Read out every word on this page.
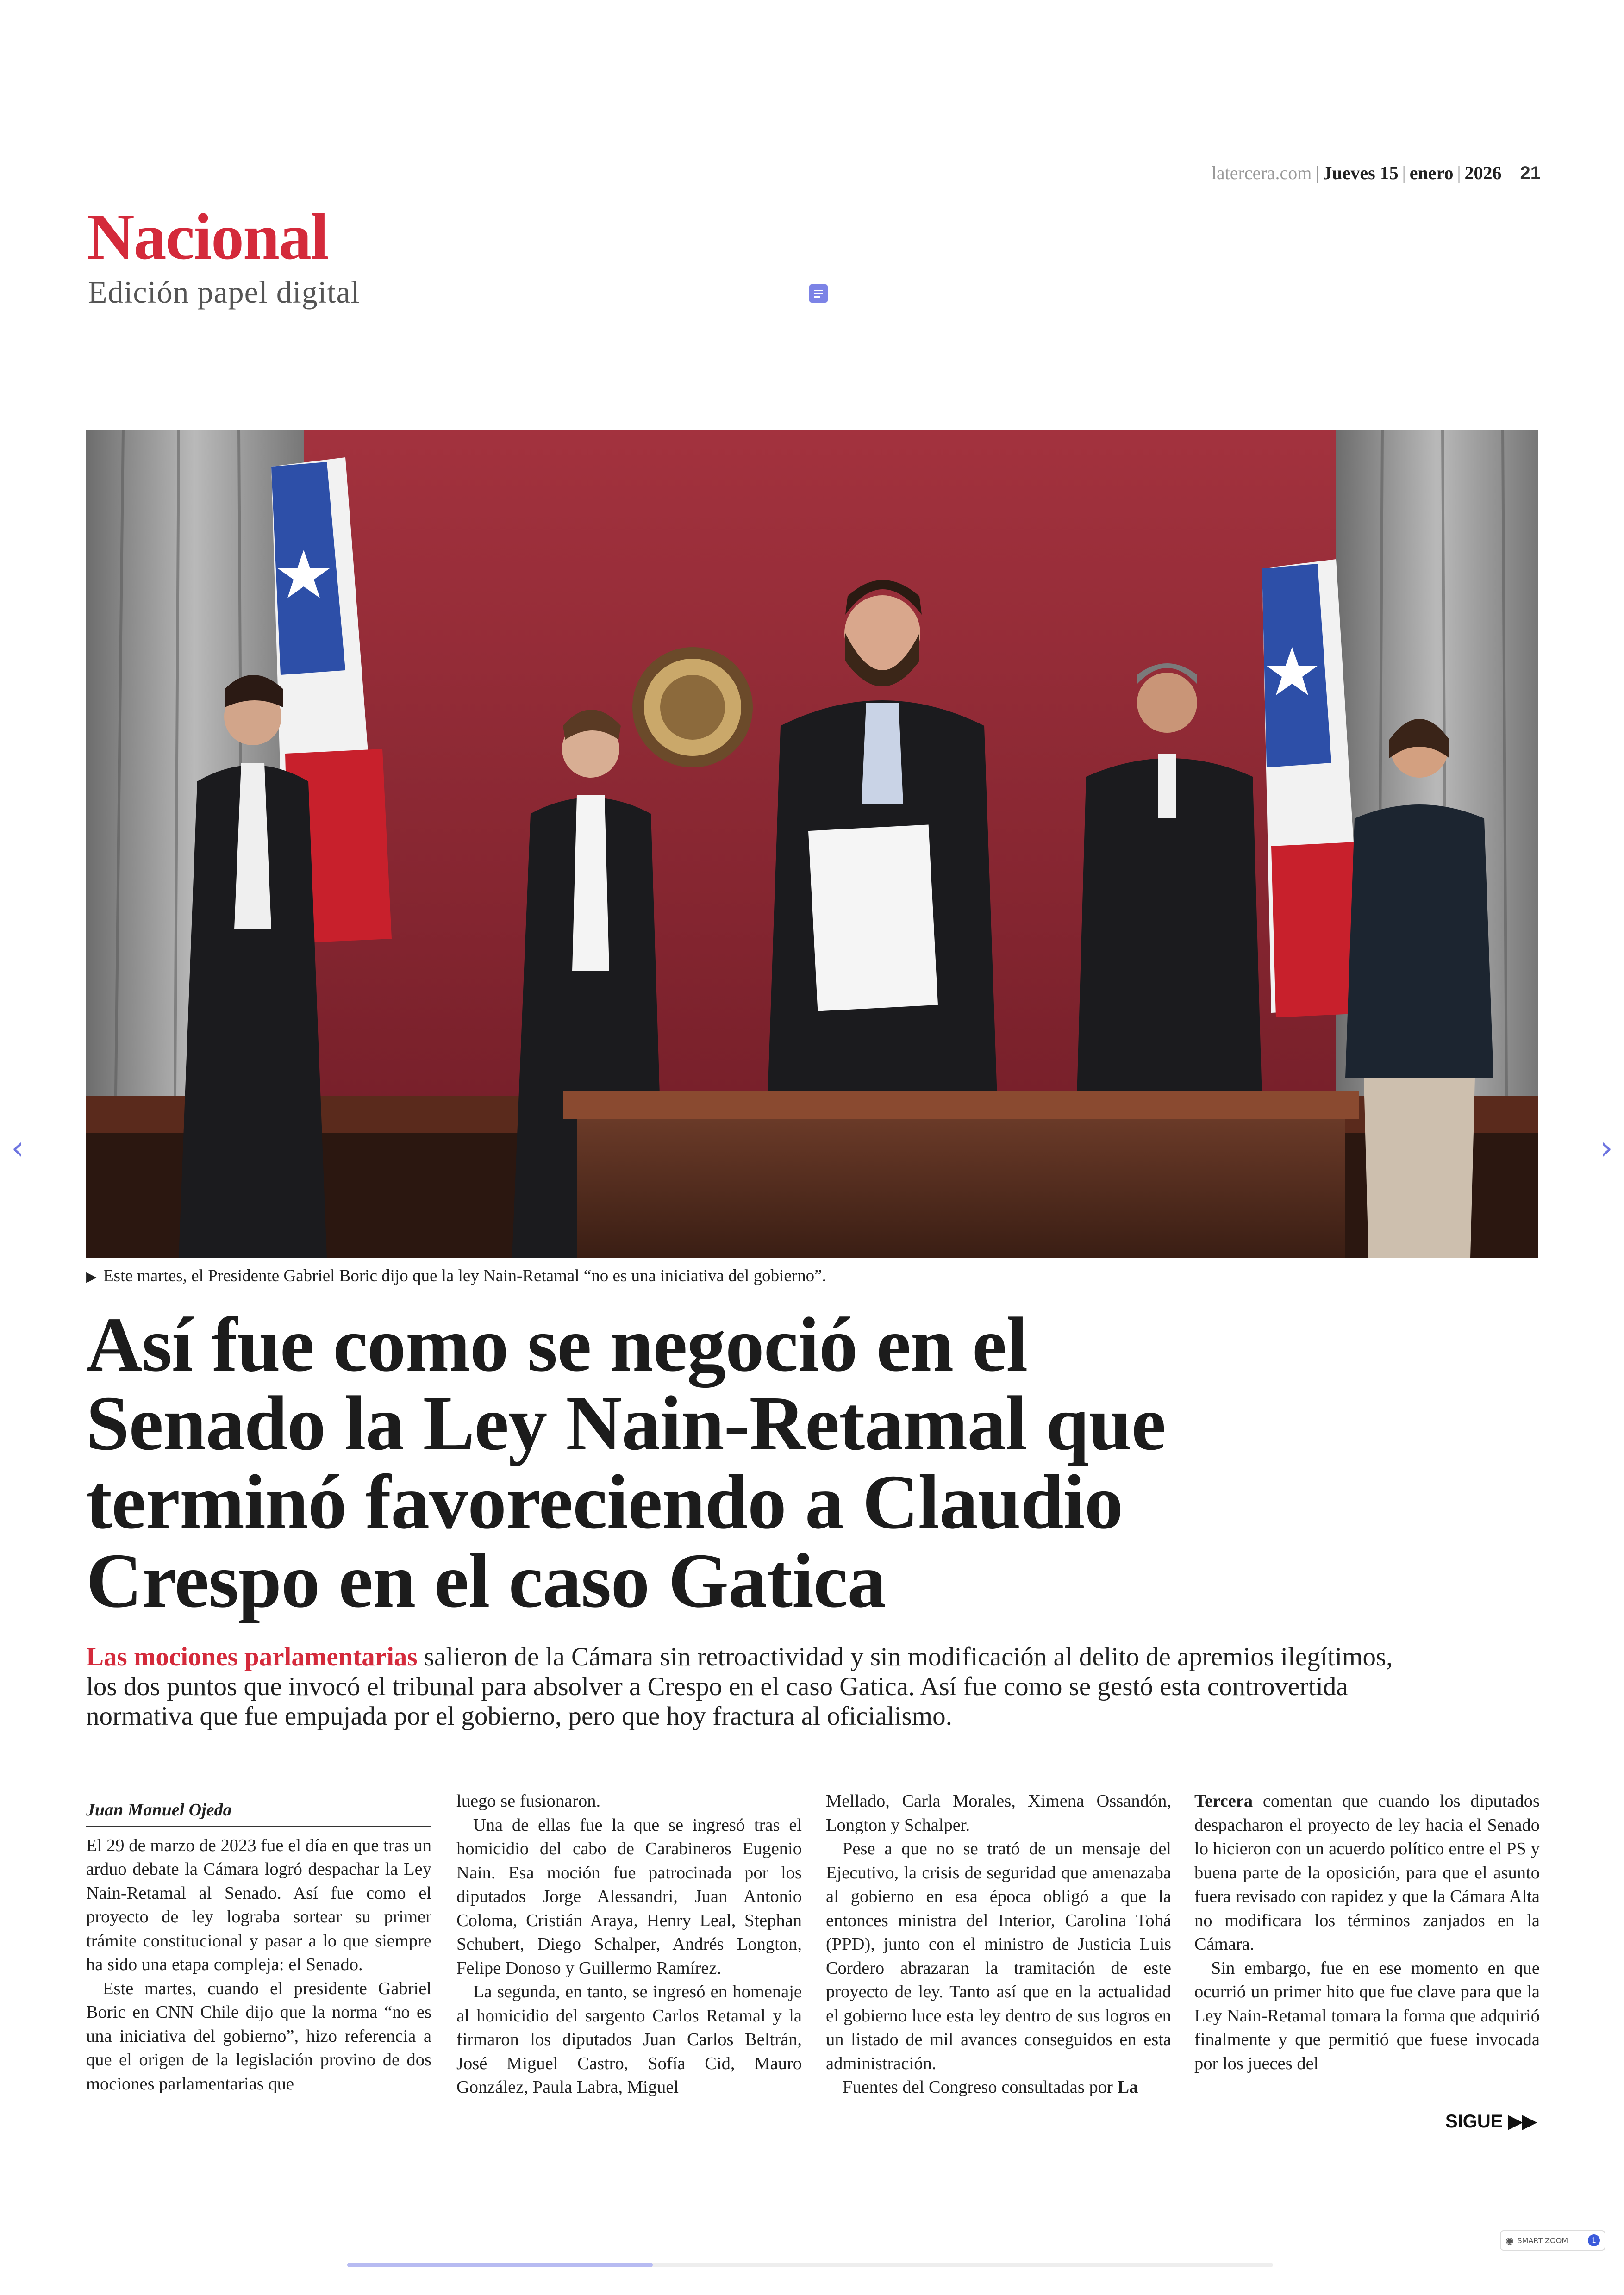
latercera.com | Jueves 15 | enero | 2026 21
Nacional
Edición papel digital
▶ Este martes, el Presidente Gabriel Boric dijo que la ley Nain-Retamal “no es una iniciativa del gobierno”.
‹	›
Así fue como se negoció en el
Senado la Ley Nain-Retamal que
terminó favoreciendo a Claudio
Crespo en el caso Gatica
Las mociones parlamentarias salieron de la Cámara sin retroactividad y sin modificación al delito de apremios ilegítimos, los dos puntos que invocó el tribunal para absolver a Crespo en el caso Gatica. Así fue como se gestó esta controvertida normativa que fue empujada por el gobierno, pero que hoy fractura al oficialismo.
Juan Manuel Ojeda

El 29 de marzo de 2023 fue el día en que tras un arduo debate la Cámara logró despachar la Ley Nain-Retamal al Senado. Así fue como el proyecto de ley lograba sortear su primer trámite constitucional y pasar a lo que siempre ha sido una etapa compleja: el Senado.

Este martes, cuando el presidente Gabriel Boric en CNN Chile dijo que la norma “no es una iniciativa del gobierno”, hizo referencia a que el origen de la legislación provino de dos mociones parlamentarias que

luego se fusionaron.

Una de ellas fue la que se ingresó tras el homicidio del cabo de Carabineros Eugenio Nain. Esa moción fue patrocinada por los diputados Jorge Alessandri, Juan Antonio Coloma, Cristián Araya, Henry Leal, Stephan Schubert, Diego Schalper, Andrés Longton, Felipe Donoso y Guillermo Ramírez.

La segunda, en tanto, se ingresó en homenaje al homicidio del sargento Carlos Retamal y la firmaron los diputados Juan Carlos Beltrán, José Miguel Castro, Sofía Cid, Mauro González, Paula Labra, Miguel

Mellado, Carla Morales, Ximena Ossandón, Longton y Schalper.

Pese a que no se trató de un mensaje del Ejecutivo, la crisis de seguridad que amenazaba al gobierno en esa época obligó a que la entonces ministra del Interior, Carolina Tohá (PPD), junto con el ministro de Justicia Luis Cordero abrazaran la tramitación de este proyecto de ley. Tanto así que en la actualidad el gobierno luce esta ley dentro de sus logros en un listado de mil avances conseguidos en esta administración.

Fuentes del Congreso consultadas por La

Tercera comentan que cuando los diputados despacharon el proyecto de ley hacia el Senado lo hicieron con un acuerdo político entre el PS y buena parte de la oposición, para que el asunto fuera revisado con rapidez y que la Cámara Alta no modificara los términos zanjados en la Cámara.

Sin embargo, fue en ese momento en que ocurrió un primer hito que fue clave para que la Ley Nain-Retamal tomara la forma que adquirió finalmente y que permitió que fuese invocada por los jueces del

SIGUE ▶▶
◉ SMART ZOOM	1
